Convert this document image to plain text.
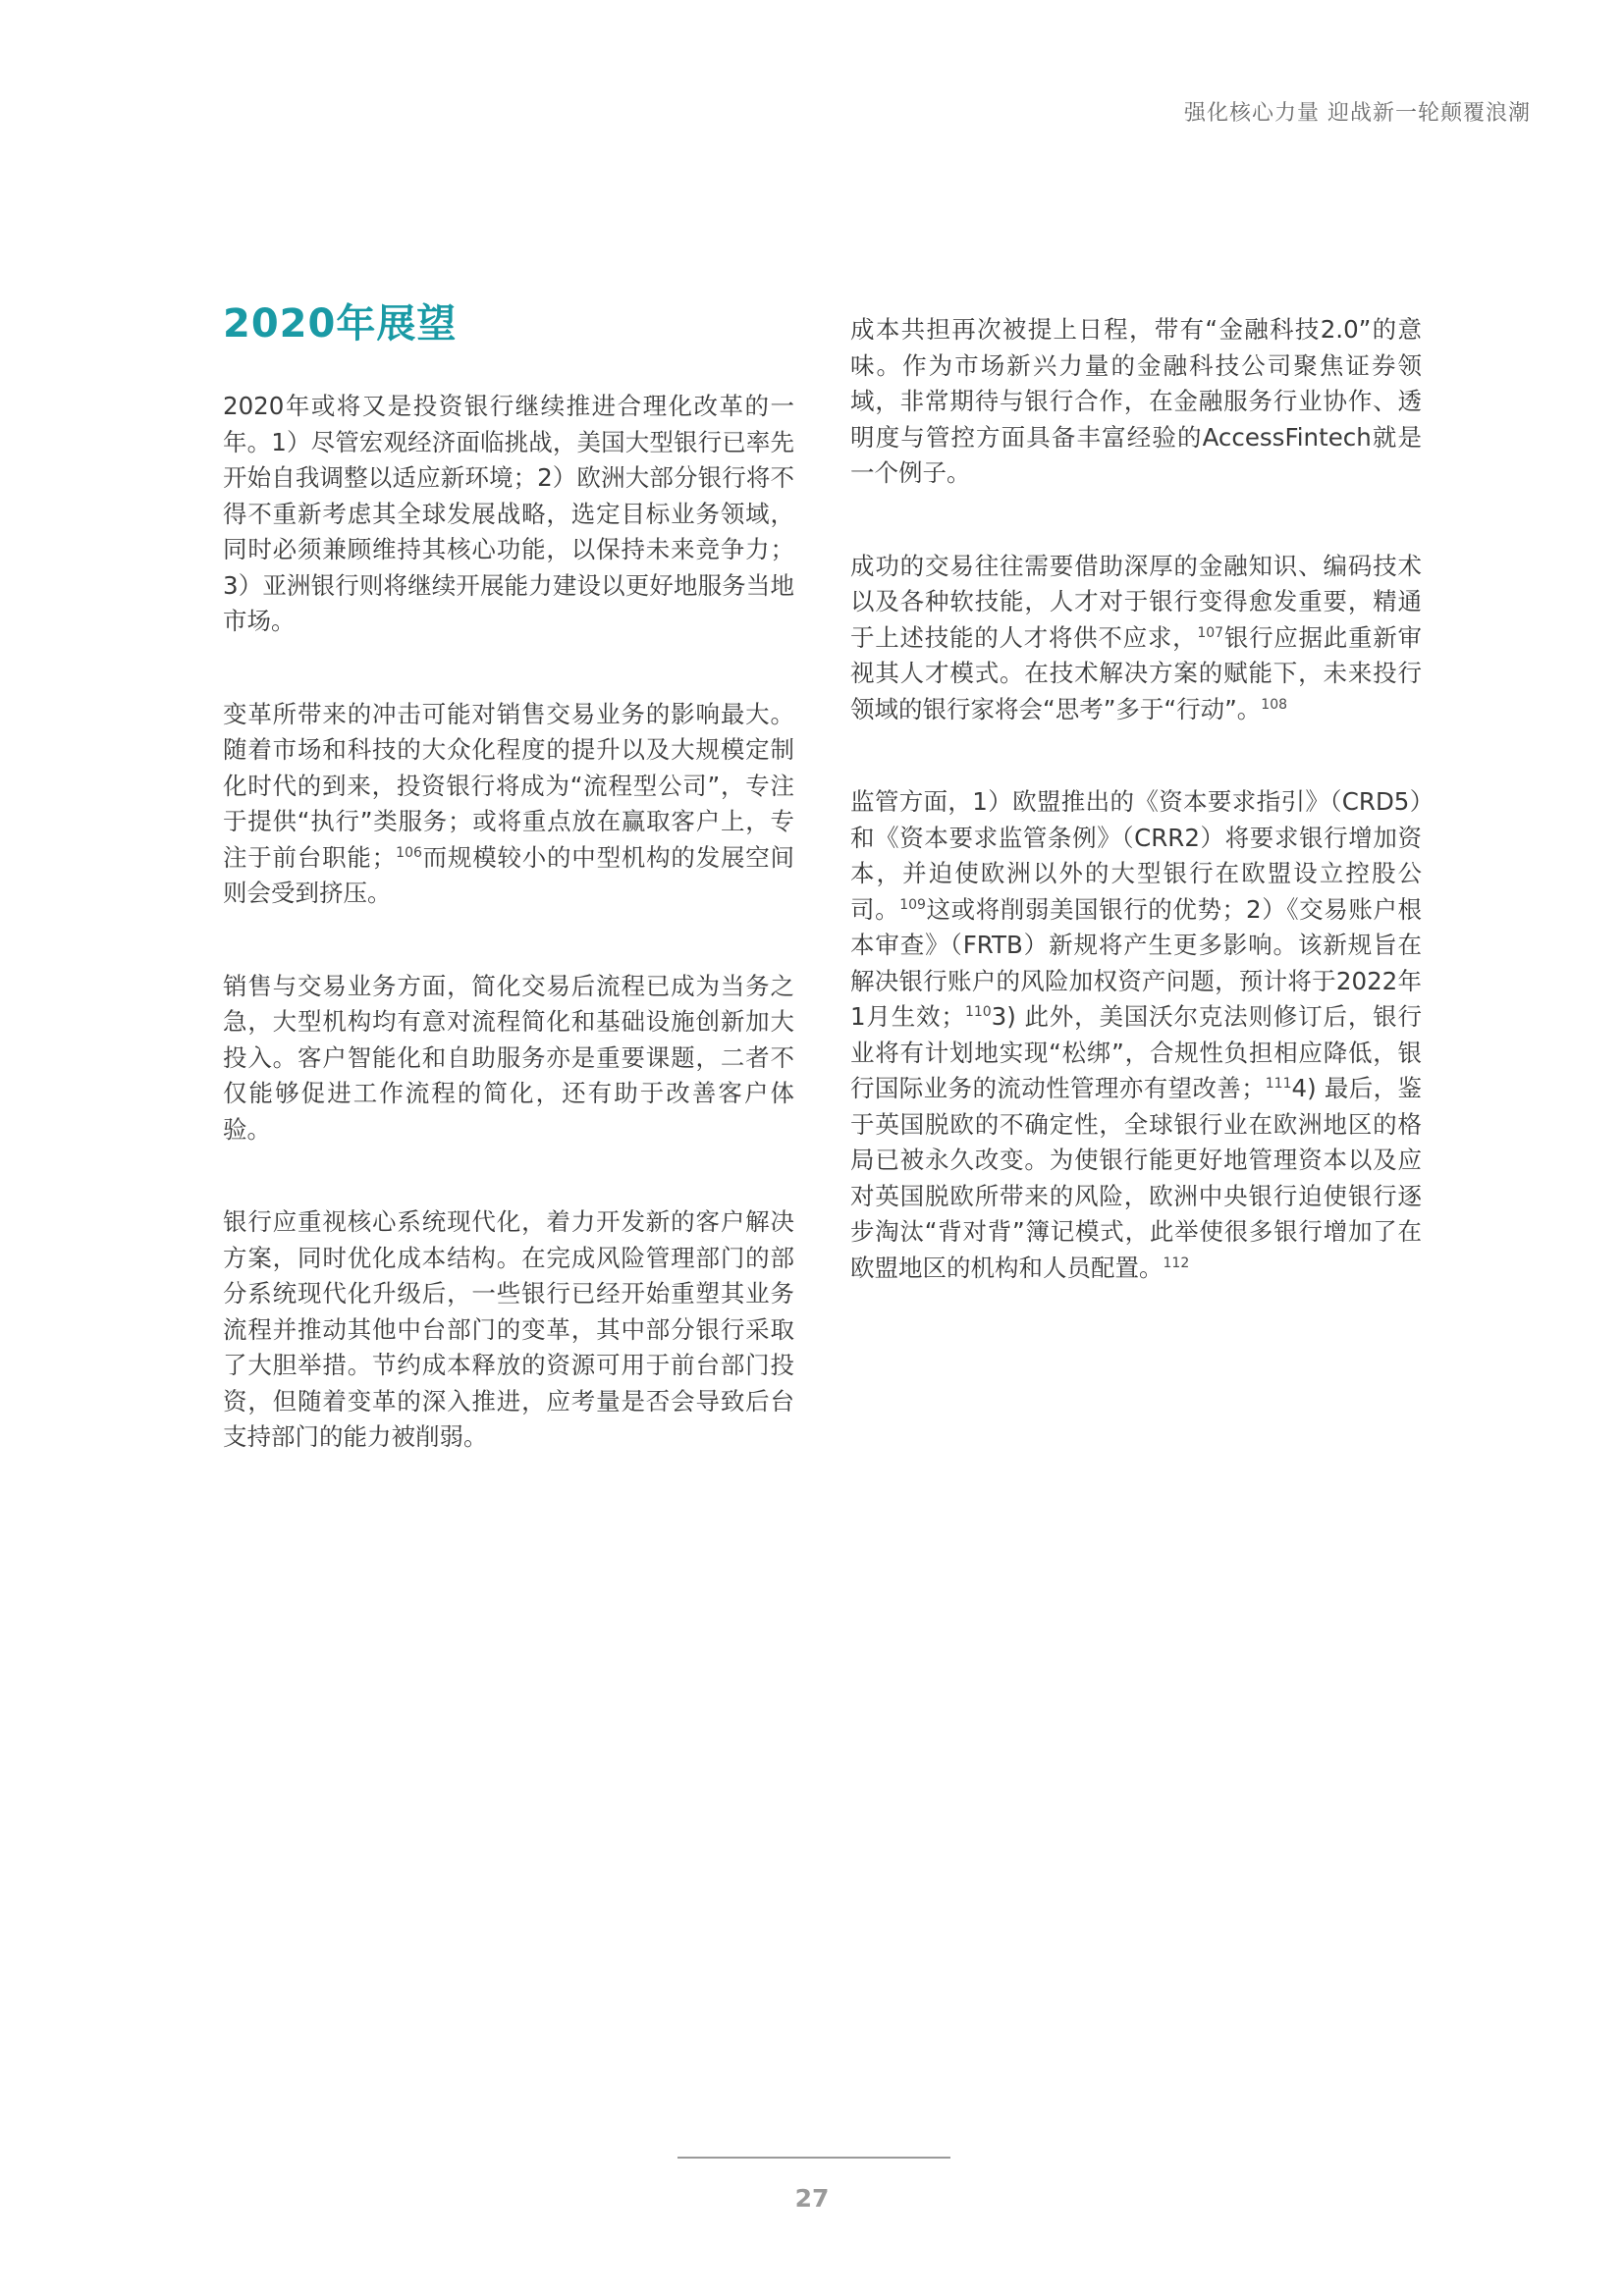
强化核心力量 迎战新一轮颠覆浪潮
2020年展望

2020年或将又是投资银行继续推进合理化改革的一年。1）尽管宏观经济面临挑战，美国大型银行已率先开始自我调整以适应新环境；2）欧洲大部分银行将不得不重新考虑其全球发展战略，选定目标业务领域，同时必须兼顾维持其核心功能，以保持未来竞争力；3）亚洲银行则将继续开展能力建设以更好地服务当地市场。

变革所带来的冲击可能对销售交易业务的影响最大。随着市场和科技的大众化程度的提升以及大规模定制化时代的到来，投资银行将成为“流程型公司”，专注于提供“执行”类服务；或将重点放在赢取客户上，专注于前台职能；$^{106}$而规模较小的中型机构的发展空间则会受到挤压。

销售与交易业务方面，简化交易后流程已成为当务之急，大型机构均有意对流程简化和基础设施创新加大投入。客户智能化和自助服务亦是重要课题，二者不仅能够促进工作流程的简化，还有助于改善客户体验。

银行应重视核心系统现代化，着力开发新的客户解决方案，同时优化成本结构。在完成风险管理部门的部分系统现代化升级后，一些银行已经开始重塑其业务流程并推动其他中台部门的变革，其中部分银行采取了大胆举措。节约成本释放的资源可用于前台部门投资，但随着变革的深入推进，应考量是否会导致后台支持部门的能力被削弱。

成本共担再次被提上日程，带有“金融科技2.0”的意味。作为市场新兴力量的金融科技公司聚焦证券领域，非常期待与银行合作，在金融服务行业协作、透明度与管控方面具备丰富经验的AccessFintech就是一个例子。

成功的交易往往需要借助深厚的金融知识、编码技术以及各种软技能，人才对于银行变得愈发重要，精通于上述技能的人才将供不应求，$^{107}$银行应据此重新审视其人才模式。在技术解决方案的赋能下，未来投行领域的银行家将会“思考”多于“行动”。$^{108}$

监管方面，1）欧盟推出的《资本要求指引》（CRD5）和《资本要求监管条例》（CRR2）将要求银行增加资本，并迫使欧洲以外的大型银行在欧盟设立控股公司。$^{109}$这或将削弱美国银行的优势；2）《交易账户根本审查》（FRTB）新规将产生更多影响。该新规旨在解决银行账户的风险加权资产问题，预计将于2022年1月生效；$^{110}$3) 此外，美国沃尔克法则修订后，银行业将有计划地实现“松绑”，合规性负担相应降低，银行国际业务的流动性管理亦有望改善；$^{111}$4) 最后，鉴于英国脱欧的不确定性，全球银行业在欧洲地区的格局已被永久改变。为使银行能更好地管理资本以及应对英国脱欧所带来的风险，欧洲中央银行迫使银行逐步淘汰“背对背”簿记模式，此举使很多银行增加了在欧盟地区的机构和人员配置。$^{112}$

27
